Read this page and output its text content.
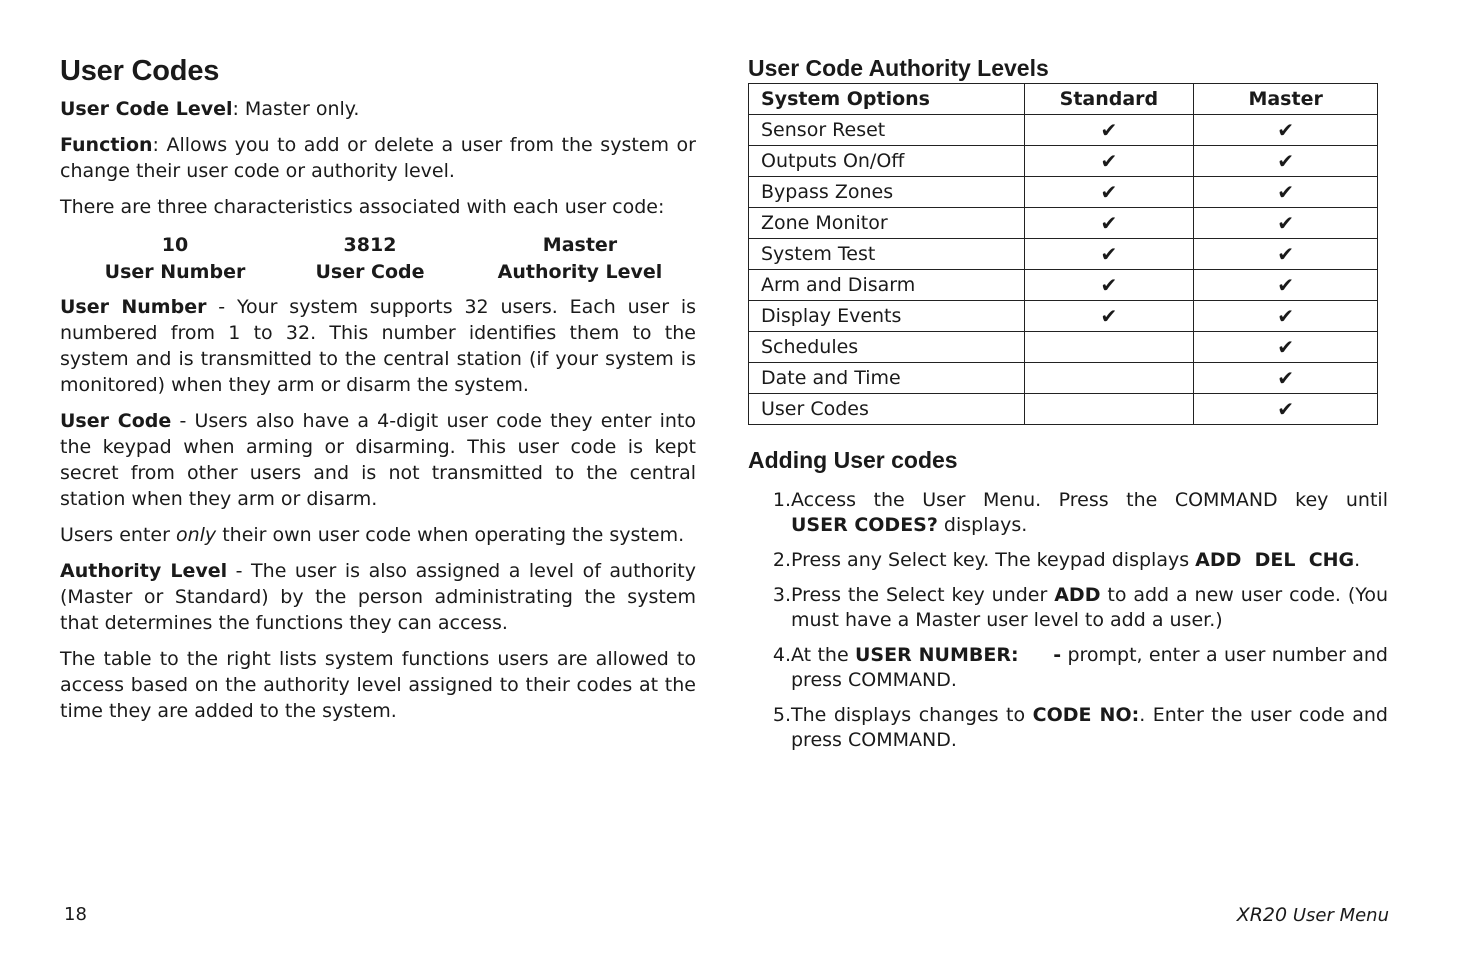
User Codes

User Code Level: Master only.

Function: Allows you to add or delete a user from the system or change their user code or authority level.

There are three characteristics associated with each user code:

10	3812	Master
User Number	User Code	Authority Level

User Number - Your system supports 32 users. Each user is numbered from 1 to 32. This number identifies them to the system and is transmitted to the central station (if your system is monitored) when they arm or disarm the system.

User Code - Users also have a 4-digit user code they enter into the keypad when arming or disarming. This user code is kept secret from other users and is not transmitted to the central station when they arm or disarm.

Users enter only their own user code when operating the system.

Authority Level - The user is also assigned a level of authority (Master or Standard) by the person administrating the system that determines the functions they can access.

The table to the right lists system functions users are allowed to access based on the authority level assigned to their codes at the time they are added to the system.

User Code Authority Levels
System Options	Standard	Master
Sensor Reset	✔	✔
Outputs On/Off	✔	✔
Bypass Zones	✔	✔
Zone Monitor	✔	✔
System Test	✔	✔
Arm and Disarm	✔	✔
Display Events	✔	✔
Schedules		✔
Date and Time		✔
User Codes		✔
Adding User codes
1. Access the User Menu. Press the COMMAND key until USER CODES? displays.
2. Press any Select key. The keypad displays ADD  DEL  CHG.
3. Press the Select key under ADD to add a new user code. (You must have a Master user level to add a user.)
4. At the USER NUMBER:     - prompt, enter a user number and press COMMAND.
5. The displays changes to CODE NO:. Enter the user code and press COMMAND.
18	XR20 User Menu
